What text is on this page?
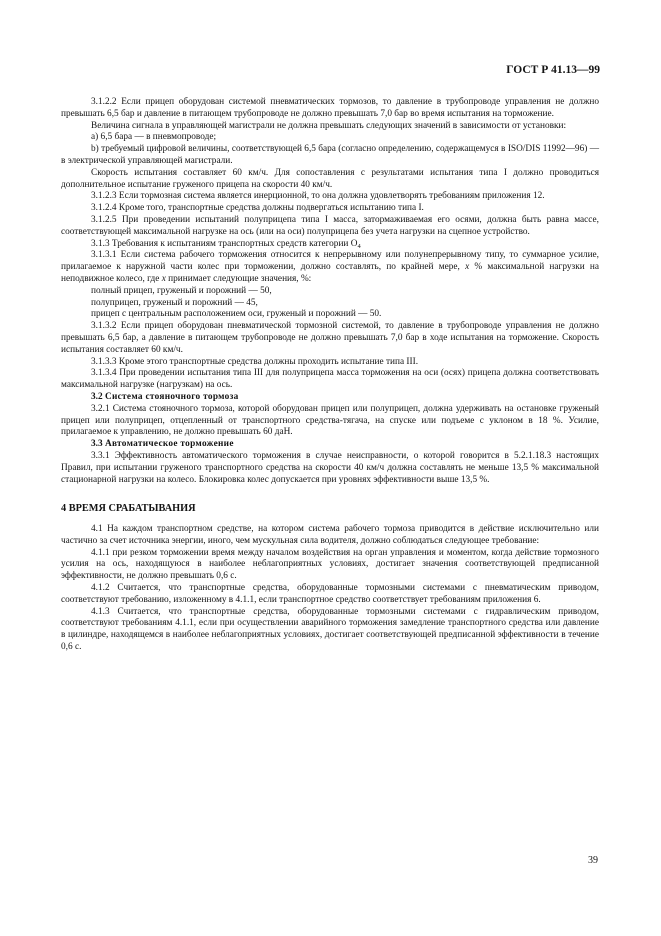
ГОСТ Р 41.13—99

3.1.2.2 Если прицеп оборудован системой пневматических тормозов, то давление в трубопроводе управления не должно превышать 6,5 бар и давление в питающем трубопроводе не должно превышать 7,0 бар во время испытания на торможение.

Величина сигнала в управляющей магистрали не должна превышать следующих значений в зависимости от установки:

a) 6,5 бара — в пневмопроводе;

b) требуемый цифровой величины, соответствующей 6,5 бара (согласно определению, содержащемуся в ISO/DIS 11992—96) — в электрической управляющей магистрали.

Скорость испытания составляет 60 км/ч. Для сопоставления с результатами испытания типа I должно проводиться дополнительное испытание груженого прицепа на скорости 40 км/ч.

3.1.2.3 Если тормозная система является инерционной, то она должна удовлетворять требованиям приложения 12.

3.1.2.4 Кроме того, транспортные средства должны подвергаться испытанию типа I.

3.1.2.5 При проведении испытаний полуприцепа типа I масса, затормаживаемая его осями, должна быть равна массе, соответствующей максимальной нагрузке на ось (или на оси) полуприцепа без учета нагрузки на сцепное устройство.

3.1.3 Требования к испытаниям транспортных средств категории $O_4$

3.1.3.1 Если система рабочего торможения относится к непрерывному или полунепрерывному типу, то суммарное усилие, прилагаемое к наружной части колес при торможении, должно составлять, по крайней мере, x % максимальной нагрузки на неподвижное колесо, где x принимает следующие значения, %:

полный прицеп, груженый и порожний — 50,

полуприцеп, груженый и порожний — 45,

прицеп с центральным расположением оси, груженый и порожний — 50.

3.1.3.2 Если прицеп оборудован пневматической тормозной системой, то давление в трубопроводе управления не должно превышать 6,5 бар, а давление в питающем трубопроводе не должно превышать 7,0 бар в ходе испытания на торможение. Скорость испытания составляет 60 км/ч.

3.1.3.3 Кроме этого транспортные средства должны проходить испытание типа III.

3.1.3.4 При проведении испытания типа III для полуприцепа масса торможения на оси (осях) прицепа должна соответствовать максимальной нагрузке (нагрузкам) на ось.

3.2 Система стояночного тормоза

3.2.1 Система стояночного тормоза, которой оборудован прицеп или полуприцеп, должна удерживать на остановке груженый прицеп или полуприцеп, отцепленный от транспортного средства-тягача, на спуске или подъеме с уклоном в 18 %. Усилие, прилагаемое к управлению, не должно превышать 60 даН.

3.3 Автоматическое торможение

3.3.1 Эффективность автоматического торможения в случае неисправности, о которой говорится в 5.2.1.18.3 настоящих Правил, при испытании груженого транспортного средства на скорости 40 км/ч должна составлять не меньше 13,5 % максимальной стационарной нагрузки на колесо. Блокировка колес допускается при уровнях эффективности выше 13,5 %.

4 ВРЕМЯ СРАБАТЫВАНИЯ

4.1 На каждом транспортном средстве, на котором система рабочего тормоза приводится в действие исключительно или частично за счет источника энергии, иного, чем мускульная сила водителя, должно соблюдаться следующее требование:

4.1.1 при резком торможении время между началом воздействия на орган управления и моментом, когда действие тормозного усилия на ось, находящуюся в наиболее неблагоприятных условиях, достигает значения соответствующей предписанной эффективности, не должно превышать 0,6 с.

4.1.2 Считается, что транспортные средства, оборудованные тормозными системами с пневматическим приводом, соответствуют требованию, изложенному в 4.1.1, если транспортное средство соответствует требованиям приложения 6.

4.1.3 Считается, что транспортные средства, оборудованные тормозными системами с гидравлическим приводом, соответствуют требованиям 4.1.1, если при осуществлении аварийного торможения замедление транспортного средства или давление в цилиндре, находящемся в наиболее неблагоприятных условиях, достигает соответствующей предписанной эффективности в течение 0,6 с.

39
